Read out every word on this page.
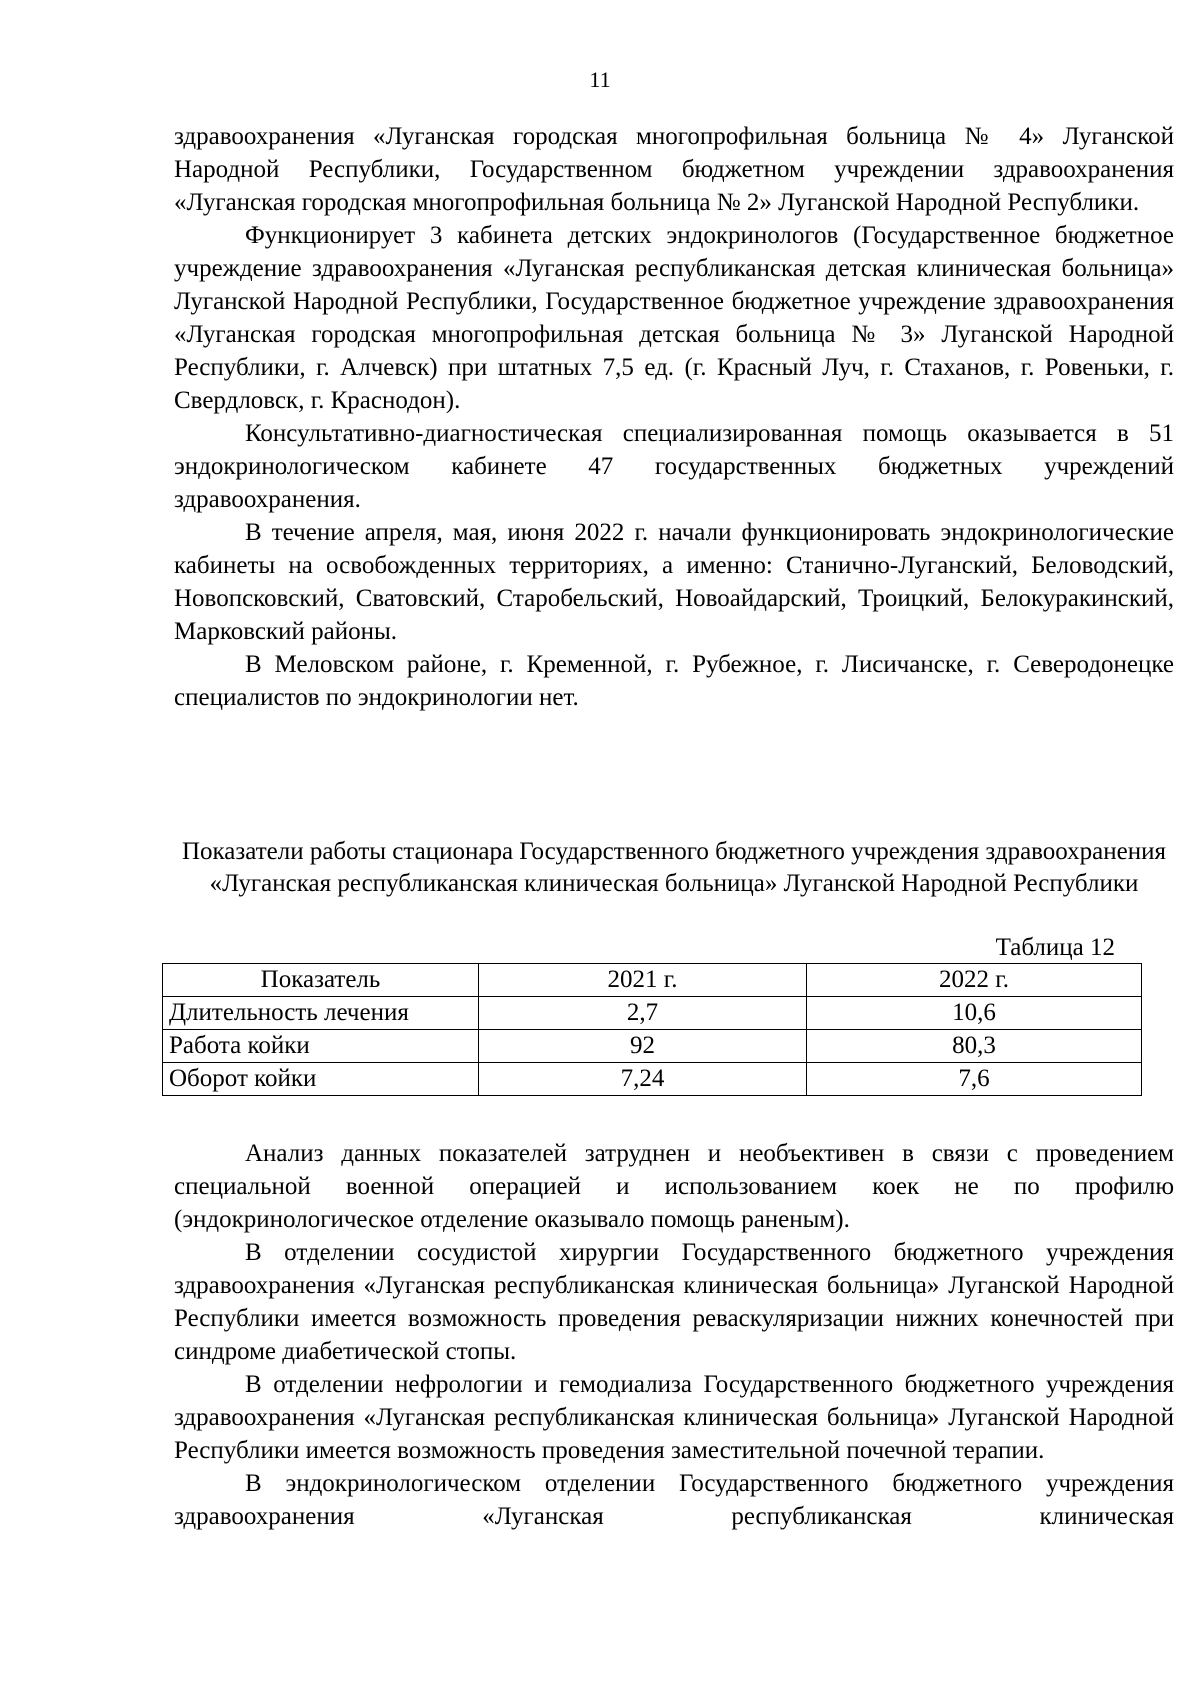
11

здравоохранения «Луганская городская многопрофильная больница № 4» Луганской Народной Республики, Государственном бюджетном учреждении здравоохранения «Луганская городская многопрофильная больница № 2» Луганской Народной Республики.

Функционирует 3 кабинета детских эндокринологов (Государственное бюджетное учреждение здравоохранения «Луганская республиканская детская клиническая больница» Луганской Народной Республики, Государственное бюджетное учреждение здравоохранения «Луганская городская многопрофильная детская больница № 3» Луганской Народной Республики, г. Алчевск) при штатных 7,5 ед. (г. Красный Луч, г. Стаханов, г. Ровеньки, г. Свердловск, г. Краснодон).

Консультативно-диагностическая специализированная помощь оказывается в 51 эндокринологическом кабинете 47 государственных бюджетных учреждений здравоохранения.

В течение апреля, мая, июня 2022 г. начали функционировать эндокринологические кабинеты на освобожденных территориях, а именно: Станично-Луганский, Беловодский, Новопсковский, Сватовский, Старобельский, Новоайдарский, Троицкий, Белокуракинский, Марковский районы.

В Меловском районе, г. Кременной, г. Рубежное, г. Лисичанске, г. Северодонецке специалистов по эндокринологии нет.

Показатели работы стационара Государственного бюджетного учреждения здравоохранения «Луганская республиканская клиническая больница» Луганской Народной Республики

Таблица 12

Показатель	2021 г.	2022 г.
Длительность лечения	2,7	10,6
Работа койки	92	80,3
Оборот койки	7,24	7,6

Анализ данных показателей затруднен и необъективен в связи с проведением специальной военной операцией и использованием коек не по профилю (эндокринологическое отделение оказывало помощь раненым).

В отделении сосудистой хирургии Государственного бюджетного учреждения здравоохранения «Луганская республиканская клиническая больница» Луганской Народной Республики имеется возможность проведения реваскуляризации нижних конечностей при синдроме диабетической стопы.

В отделении нефрологии и гемодиализа Государственного бюджетного учреждения здравоохранения «Луганская республиканская клиническая больница» Луганской Народной Республики имеется возможность проведения заместительной почечной терапии.

В эндокринологическом отделении Государственного бюджетного учреждения здравоохранения «Луганская республиканская клиническая
